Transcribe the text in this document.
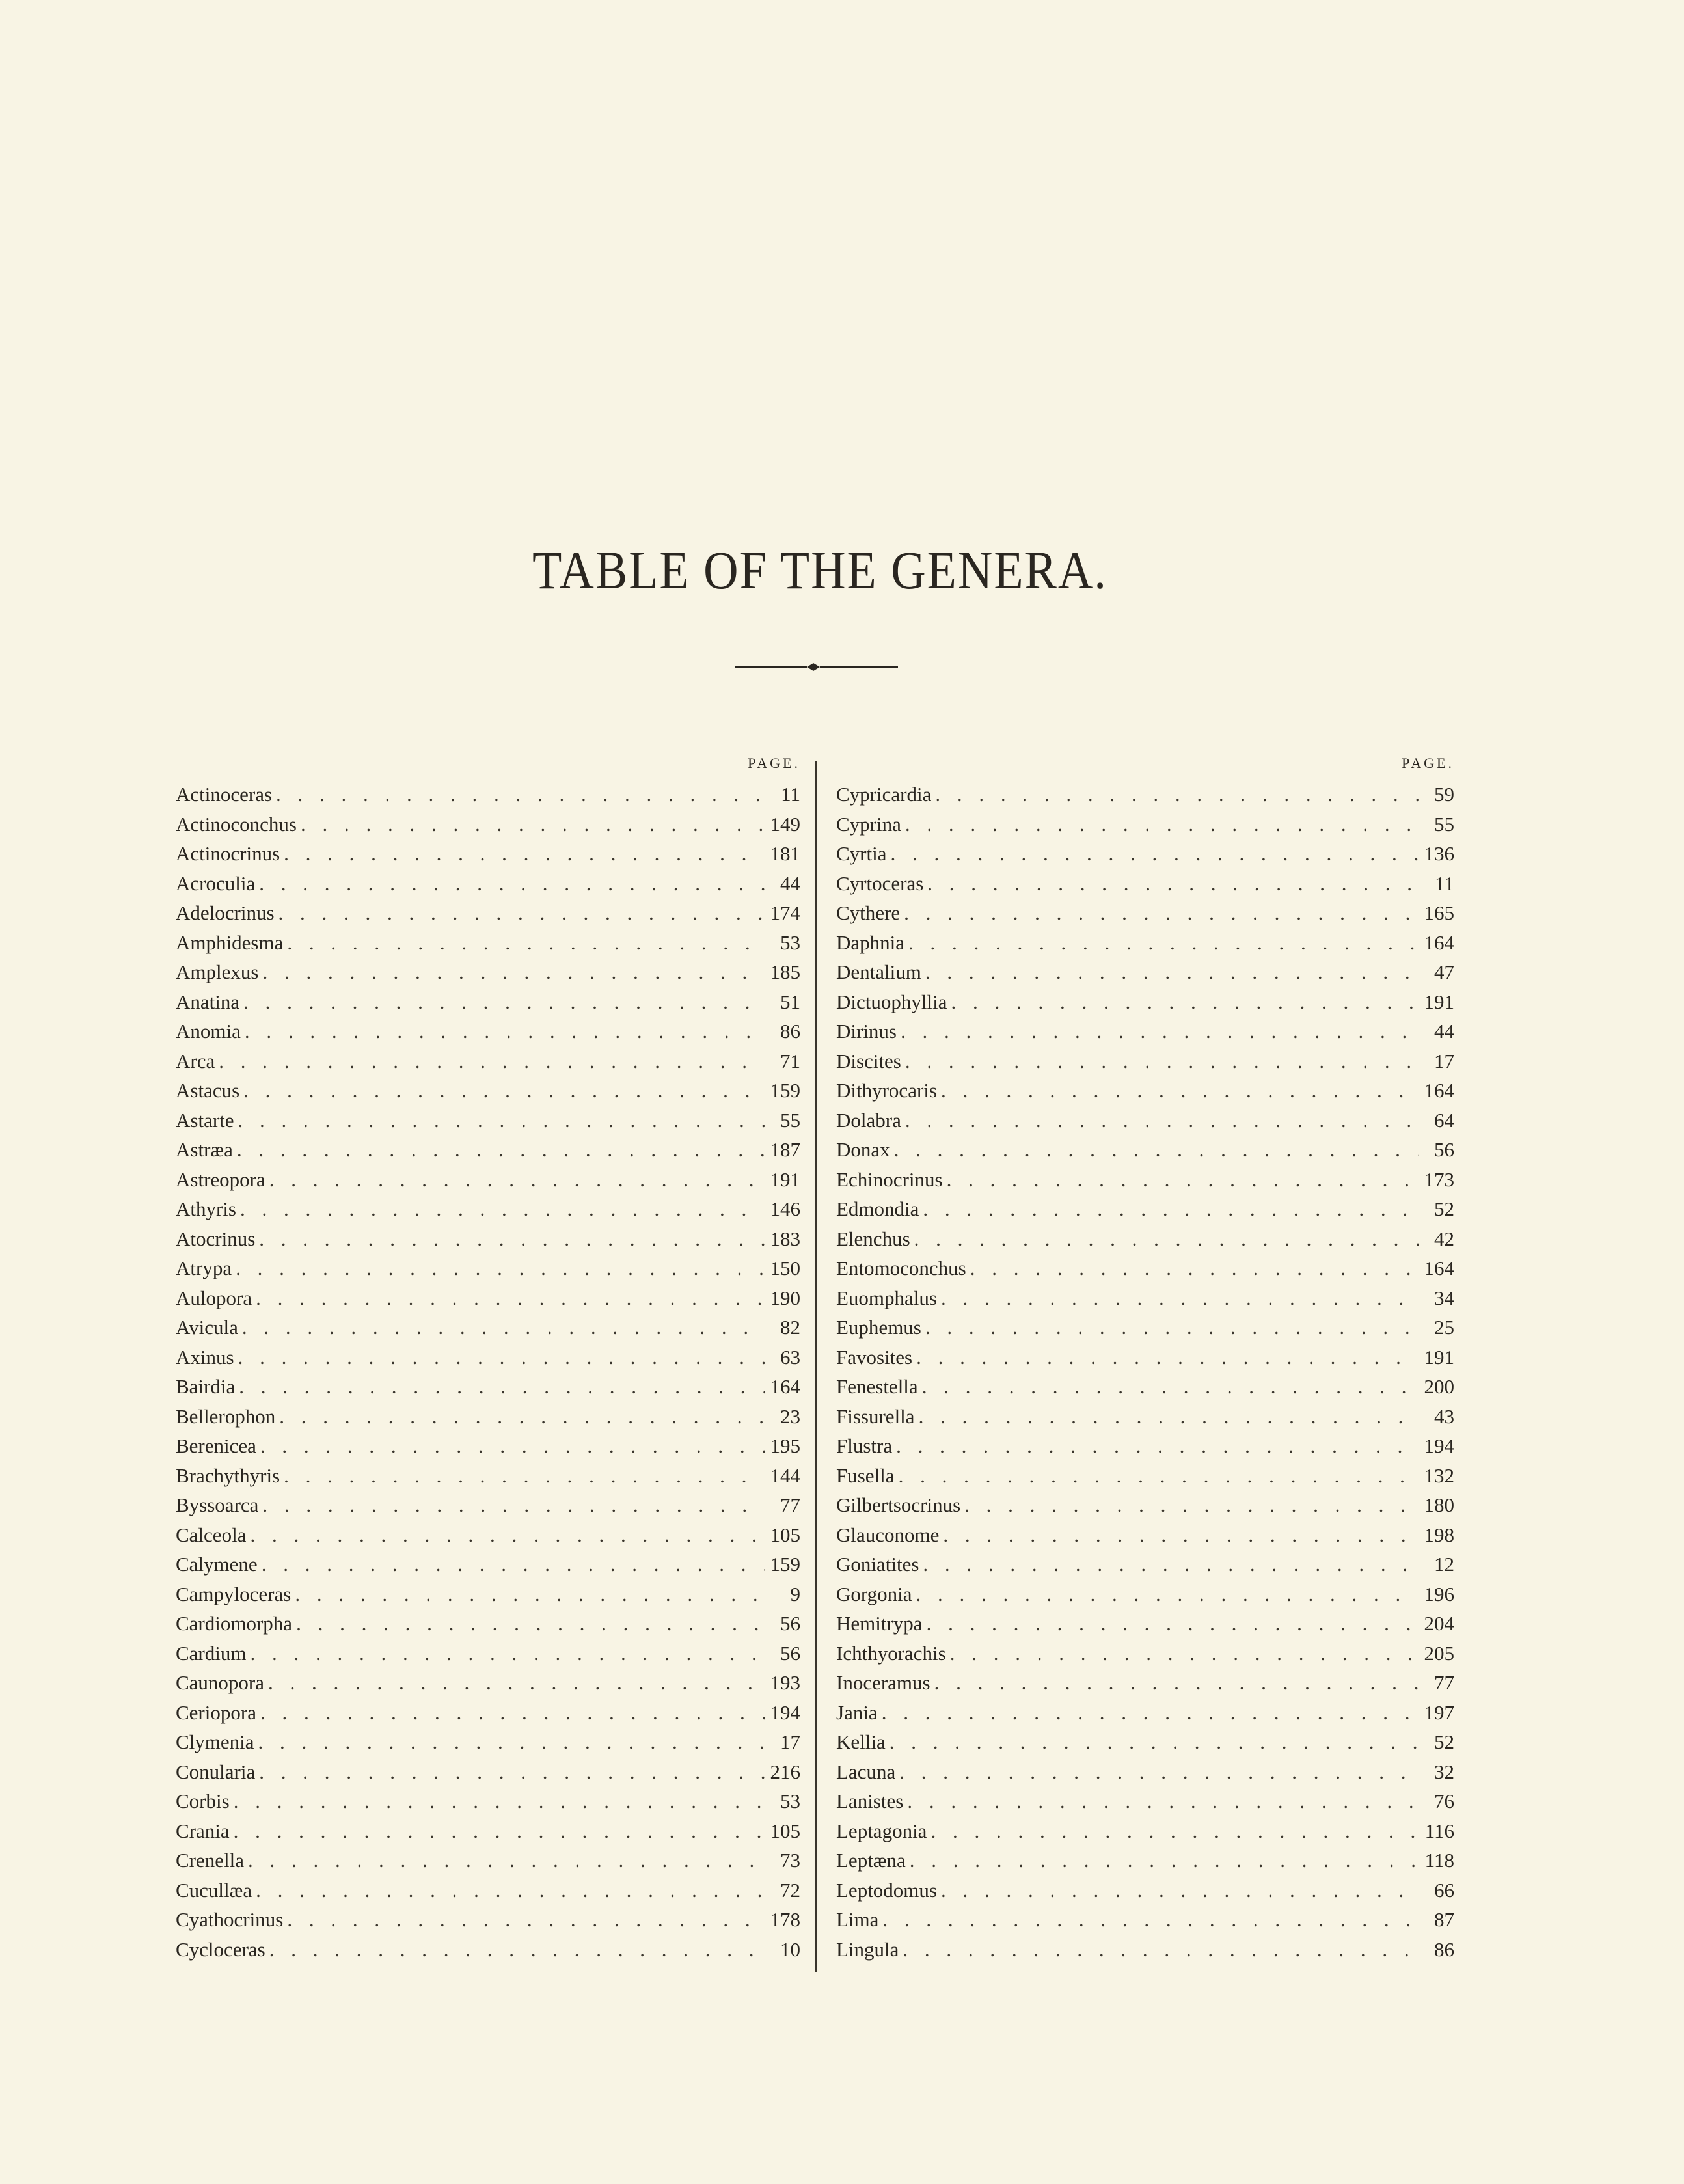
TABLE OF THE GENERA.
PAGE.
Actinoceras . . .	11
Actinoconchus . . .	149
Actinocrinus . . .	181
Acroculia . . .	44
Adelocrinus . . .	174
Amphidesma . . .	53
Amplexus . . .	185
Anatina . . .	51
Anomia . . .	86
Arca . . .	71
Astacus . . .	159
Astarte . . .	55
Astræa . . .	187
Astreopora . . .	191
Athyris . . .	146
Atocrinus . . .	183
Atrypa . . .	150
Aulopora . . .	190
Avicula . . .	82
Axinus . . .	63
Bairdia . . .	164
Bellerophon . . .	23
Berenicea . . .	195
Brachythyris . . .	144
Byssoarca . . .	77
Calceola . . .	105
Calymene . . .	159
Campyloceras . . .	9
Cardiomorpha . . .	56
Cardium . . .	56
Caunopora . . .	193
Ceriopora . . .	194
Clymenia . . .	17
Conularia . . .	216
Corbis . . .	53
Crania . . .	105
Crenella . . .	73
Cucullæa . . .	72
Cyathocrinus . . .	178
Cycloceras . . .	10
PAGE.
Cypricardia . . .	59
Cyprina . . .	55
Cyrtia . . .	136
Cyrtoceras . . .	11
Cythere . . .	165
Daphnia . . .	164
Dentalium . . .	47
Dictuophyllia . . .	191
Dirinus . . .	44
Discites . . .	17
Dithyrocaris . . .	164
Dolabra . . .	64
Donax . . .	56
Echinocrinus . . .	173
Edmondia . . .	52
Elenchus . . .	42
Entomoconchus . . .	164
Euomphalus . . .	34
Euphemus . . .	25
Favosites . . .	191
Fenestella . . .	200
Fissurella . . .	43
Flustra . . .	194
Fusella . . .	132
Gilbertsocrinus . . .	180
Glauconome . . .	198
Goniatites . . .	12
Gorgonia . . .	196
Hemitrypa . . .	204
Ichthyorachis . . .	205
Inoceramus . . .	77
Jania . . .	197
Kellia . . .	52
Lacuna . . .	32
Lanistes . . .	76
Leptagonia . . .	116
Leptæna . . .	118
Leptodomus . . .	66
Lima . . .	87
Lingula . . .	86
